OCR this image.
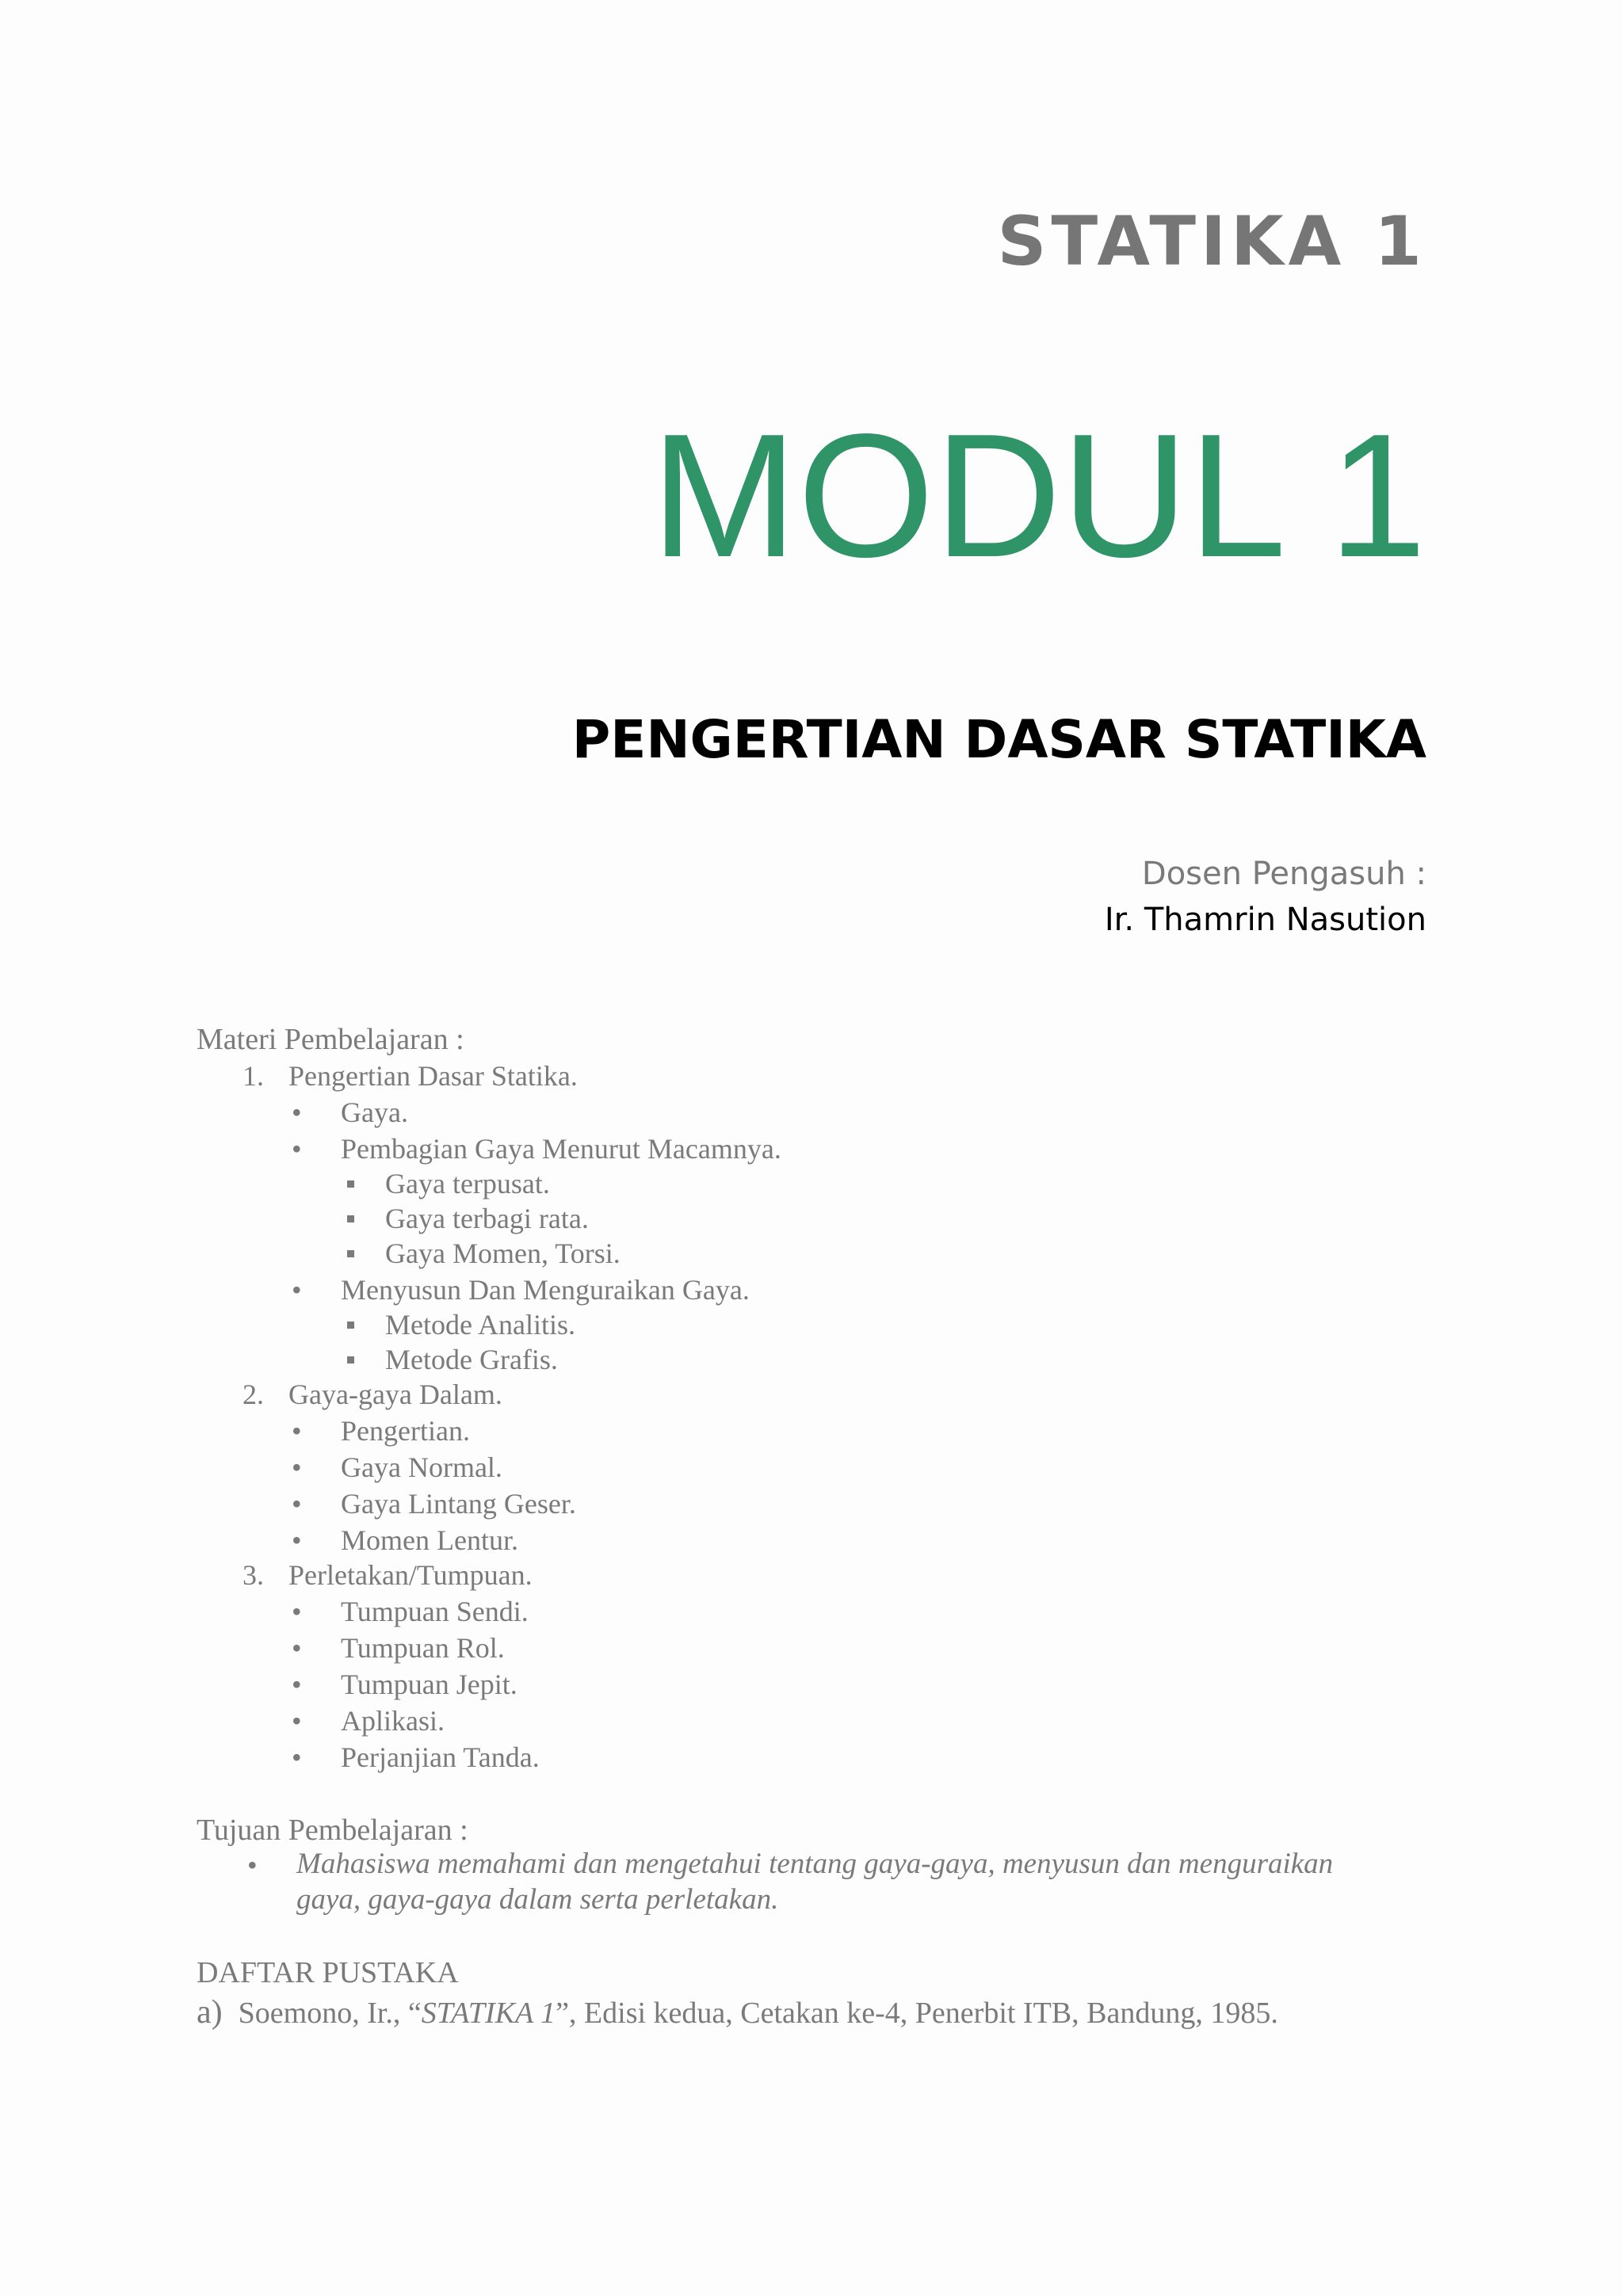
STATIKA 1
MODUL 1
PENGERTIAN DASAR STATIKA
Dosen Pengasuh :
Ir. Thamrin Nasution
Materi Pembelajaran :
1. Pengertian Dasar Statika.
• Gaya.
• Pembagian Gaya Menurut Macamnya.
Gaya terpusat.
Gaya terbagi rata.
Gaya Momen, Torsi.
• Menyusun Dan Menguraikan Gaya.
Metode Analitis.
Metode Grafis.
2. Gaya-gaya Dalam.
• Pengertian.
• Gaya Normal.
• Gaya Lintang Geser.
• Momen Lentur.
3. Perletakan/Tumpuan.
• Tumpuan Sendi.
• Tumpuan Rol.
• Tumpuan Jepit.
• Aplikasi.
• Perjanjian Tanda.
Tujuan Pembelajaran :
• Mahasiswa memahami dan mengetahui tentang gaya-gaya, menyusun dan menguraikan gaya, gaya-gaya dalam serta perletakan.
DAFTAR PUSTAKA
a) Soemono, Ir., “STATIKA 1”, Edisi kedua, Cetakan ke-4, Penerbit ITB, Bandung, 1985.
